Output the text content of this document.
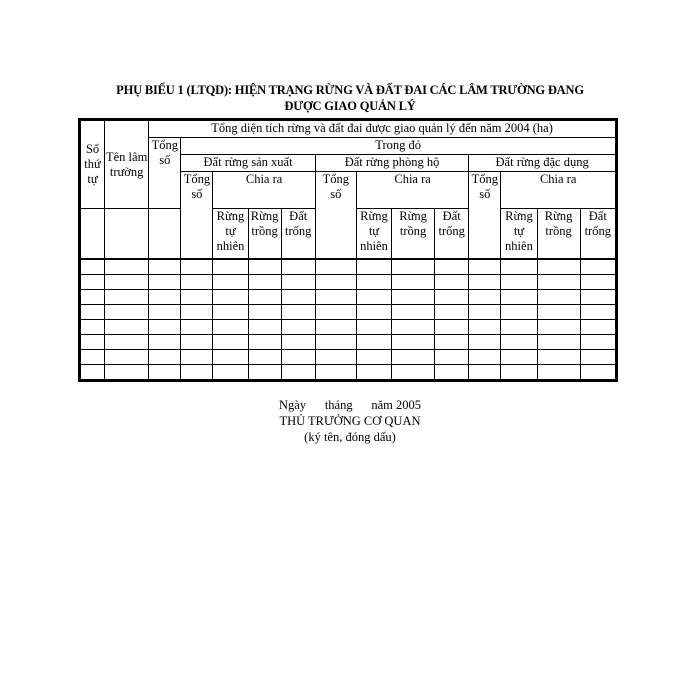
PHỤ BIỂU 1 (LTQD): HIỆN TRẠNG RỪNG VÀ ĐẤT ĐAI CÁC LÂM TRƯỜNG ĐANG
ĐƯỢC GIAO QUẢN LÝ
Số thứ tự	Tên lâm trường	Tổng diện tích rừng và đất đai được giao quản lý đến năm 2004 (ha)												
		Tổng số	Trong đó											
			Đất rừng sản xuất				Đất rừng phòng hộ				Đất rừng đặc dụng			
			Tổng số	Chia ra			Tổng số	Chia ra			Tổng số	Chia ra		
				Rừng tự nhiên	Rừng trồng	Đất trống		Rừng tự nhiên	Rừng trồng	Đất trống		Rừng tự nhiên	Rừng trồng	Đất trống

Ngày      tháng      năm 2005
THỦ TRƯỞNG CƠ QUAN
(ký tên, đóng dấu)
